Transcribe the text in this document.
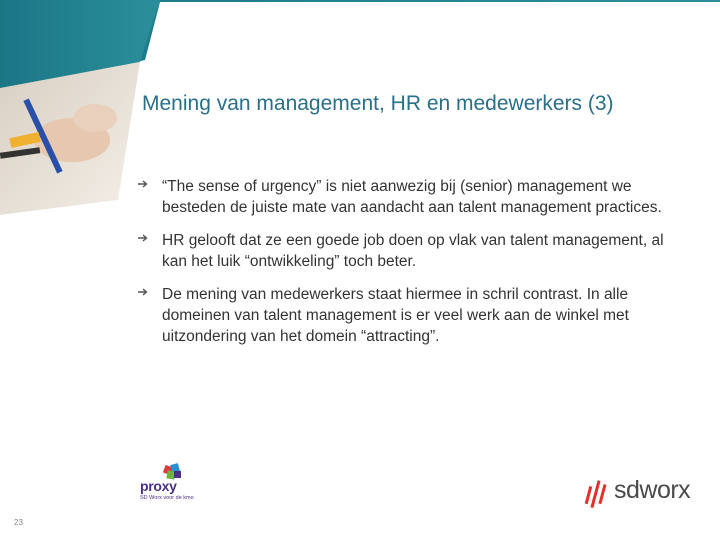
Mening van management, HR en medewerkers (3)
“The sense of urgency” is niet aanwezig bij (senior) management we besteden de juiste mate van aandacht aan talent management practices.
HR gelooft dat ze een goede job doen op vlak van talent management, al kan het luik “ontwikkeling” toch beter.
De mening van medewerkers staat hiermee in schril contrast. In alle domeinen van talent management is er veel werk aan de winkel met uitzondering van het domein “attracting”.
proxy
SD Worx voor de kmo	sdworx
23
